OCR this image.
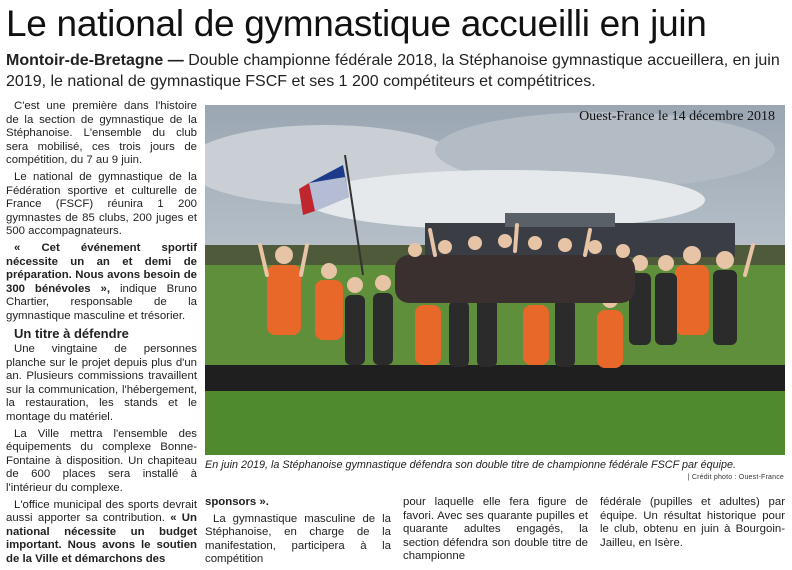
Le national de gymnastique accueilli en juin
Montoir-de-Bretagne — Double championne fédérale 2018, la Stéphanoise gymnastique accueillera, en juin 2019, le national de gymnastique FSCF et ses 1 200 compétiteurs et compétitrices.

C'est une première dans l'histoire de la section de gymnastique de la Stéphanoise. L'ensemble du club sera mobilisé, ces trois jours de compétition, du 7 au 9 juin.

Le national de gymnastique de la Fédération sportive et culturelle de France (FSCF) réunira 1 200 gymnastes de 85 clubs, 200 juges et 500 accompagnateurs.

« Cet événement sportif nécessite un an et demi de préparation. Nous avons besoin de 300 bénévoles », indique Bruno Chartier, responsable de la gymnastique masculine et trésorier.

Un titre à défendre

Une vingtaine de personnes planche sur le projet depuis plus d'un an. Plusieurs commissions travaillent sur la communication, l'hébergement, la restauration, les stands et le montage du matériel.

La Ville mettra l'ensemble des équipements du complexe Bonne-Fontaine à disposition. Un chapiteau de 600 places sera installé à l'intérieur du complexe.

L'office municipal des sports devrait aussi apporter sa contribution. « Un national nécessite un budget important. Nous avons le soutien de la Ville et démarchons des

Ouest-France le 14 décembre 2018
En juin 2019, la Stéphanoise gymnastique défendra son double titre de championne fédérale FSCF par équipe.
| Crédit photo : Ouest-France

sponsors ».

La gymnastique masculine de la Stéphanoise, en charge de la manifestation, participera à la compétition

pour laquelle elle fera figure de favori. Avec ses quarante pupilles et quarante adultes engagés, la section défendra son double titre de championne

fédérale (pupilles et adultes) par équipe. Un résultat historique pour le club, obtenu en juin à Bourgoin-Jailleu, en Isère.
